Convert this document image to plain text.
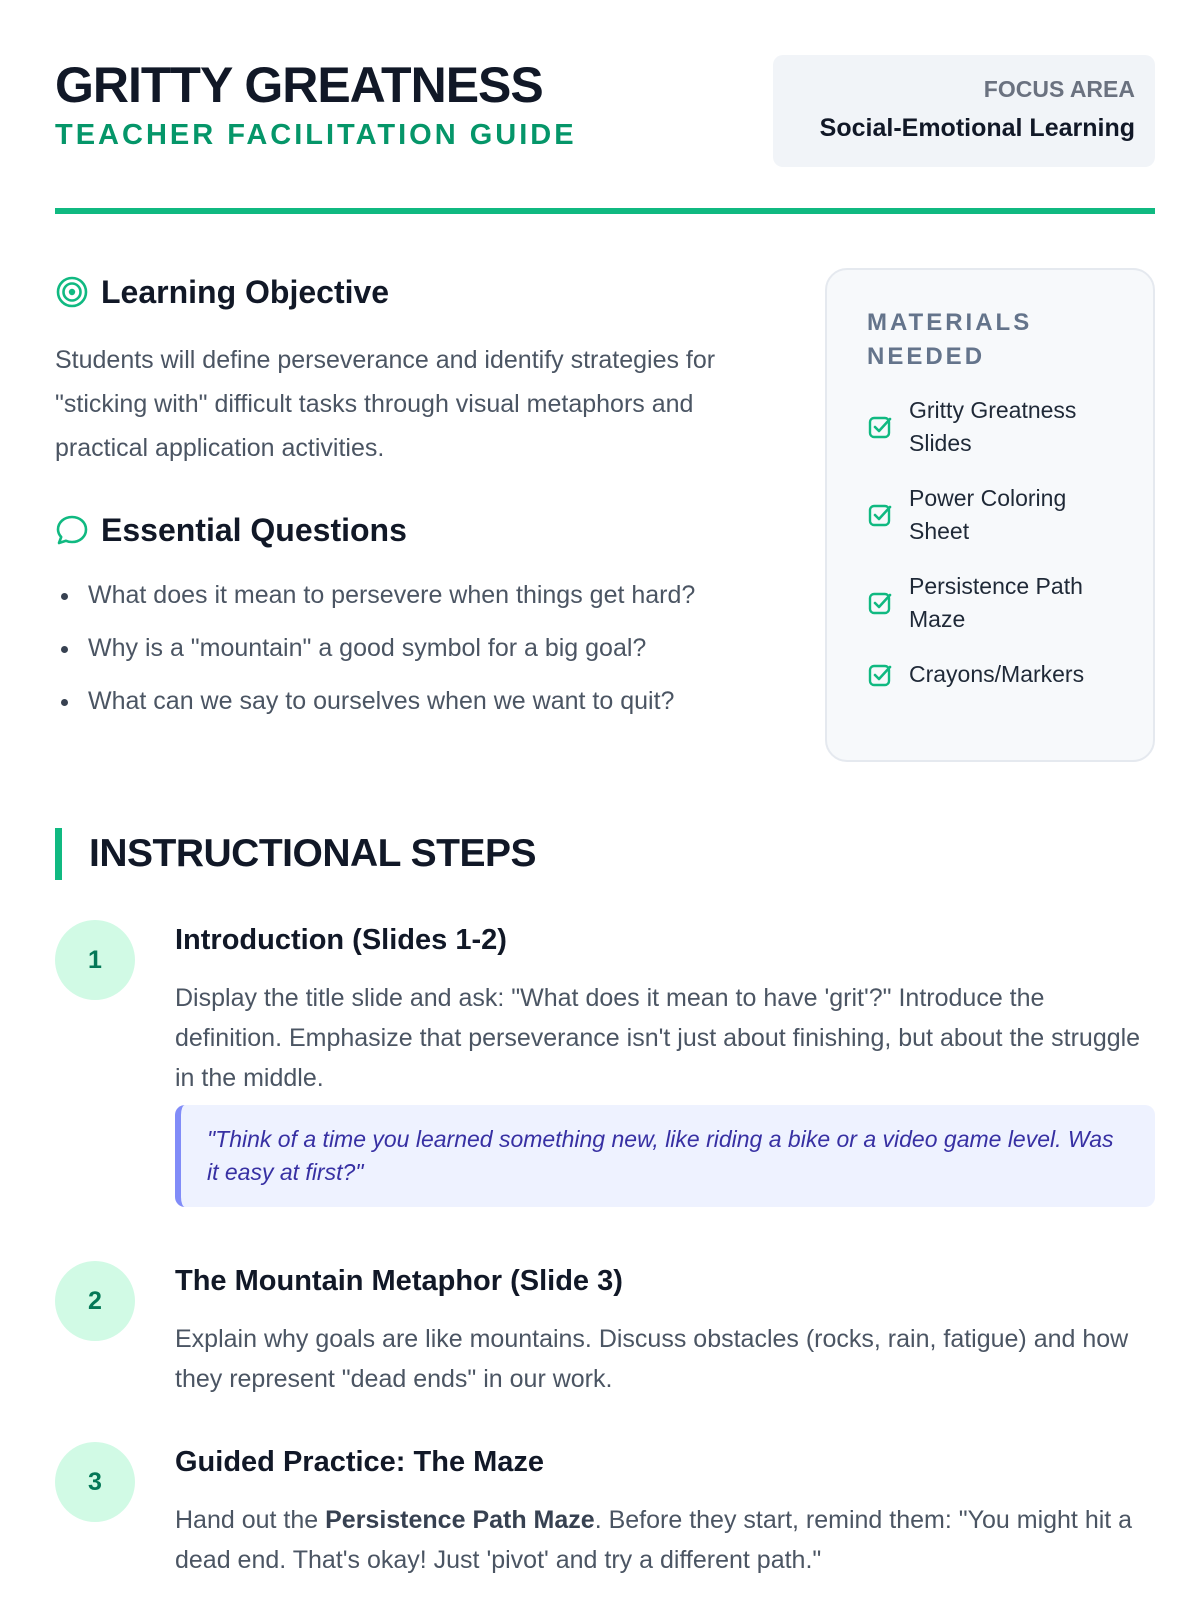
GRITTY GREATNESS
TEACHER FACILITATION GUIDE
FOCUS AREA
Social-Emotional Learning
Learning Objective

Students will define perseverance and identify strategies for "sticking with" difficult tasks through visual metaphors and practical application activities.

Essential Questions
What does it mean to persevere when things get hard?
Why is a "mountain" a good symbol for a big goal?
What can we say to ourselves when we want to quit?
MATERIALS NEEDED
Gritty Greatness Slides
Power Coloring Sheet
Persistence Path Maze
Crayons/Markers
INSTRUCTIONAL STEPS
1
Introduction (Slides 1-2)

Display the title slide and ask: "What does it mean to have 'grit'?" Introduce the definition. Emphasize that perseverance isn't just about finishing, but about the struggle in the middle.

"Think of a time you learned something new, like riding a bike or a video game level. Was it easy at first?"
2
The Mountain Metaphor (Slide 3)

Explain why goals are like mountains. Discuss obstacles (rocks, rain, fatigue) and how they represent "dead ends" in our work.

3
Guided Practice: The Maze

Hand out the Persistence Path Maze. Before they start, remind them: "You might hit a dead end. That's okay! Just 'pivot' and try a different path."
